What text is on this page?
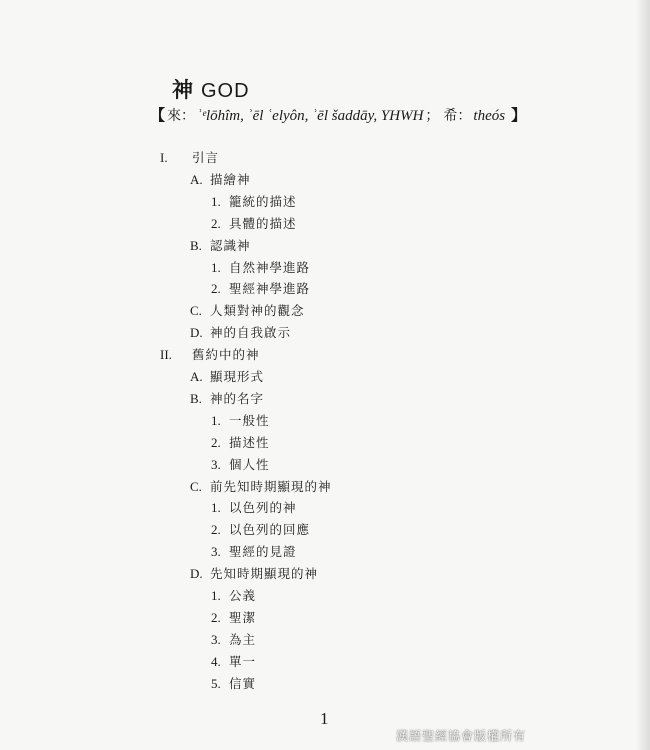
神 GOD
【 來： ʾᵉlōhîm, ʾēl ʿelyôn, ʾēl šaddāy, YHWH ； 希： theós 】
I. 引言
A. 描繪神
1. 籠統的描述
2. 具體的描述
B. 認識神
1. 自然神學進路
2. 聖經神學進路
C. 人類對神的觀念
D. 神的自我啟示
II. 舊約中的神
A. 顯現形式
B. 神的名字
1. 一般性
2. 描述性
3. 個人性
C. 前先知時期顯現的神
1. 以色列的神
2. 以色列的回應
3. 聖經的見證
D. 先知時期顯現的神
1. 公義
2. 聖潔
3. 為主
4. 單一
5. 信實
1
漢語聖經協會版權所有
